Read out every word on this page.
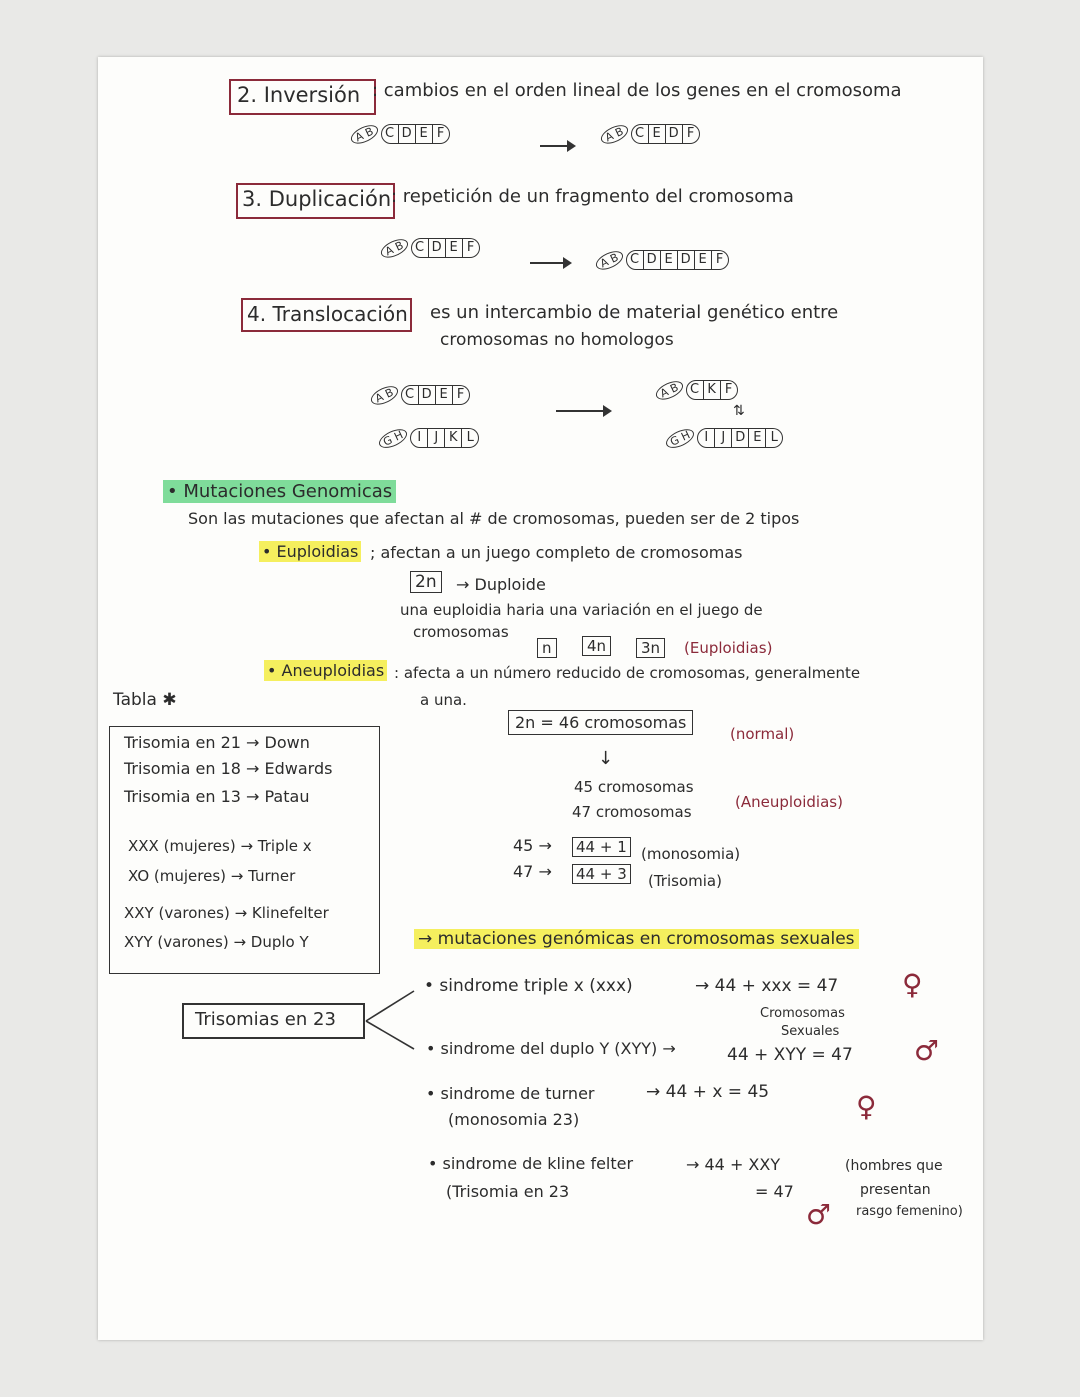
2. Inversión : cambios en el orden lineal de los genes en el cromosoma
A B C D E F	A B C E D F
3. Duplicación : repetición de un fragmento del cromosoma
A B C D E F
A B C D E D E F
4. Translocación es un intercambio de material genético entre
cromosomas no homologos
A B C D E F
G H I	J K L
A B C K F
⇅
G H I	J D E L
• Mutaciones Genomicas
Son las mutaciones que afectan al # de cromosomas, pueden ser de 2 tipos
• Euploidias ; afectan a un juego completo de cromosomas
2n	→ Duploide
una euploidia haria una variación en el juego de
cromosomas
n	4n	3n	(Euploidias)
• Aneuploidias : afecta a un número reducido de cromosomas, generalmente
a una.
2n = 46 cromosomas
(normal)
↓
45 cromosomas
47 cromosomas
(Aneuploidias)
45 → 44 + 1 (monosomia)
47 → 44 + 3 (Trisomia)
Tabla ✱
Trisomia en 21 → Down
Trisomia en 18 → Edwards
Trisomia en 13 → Patau
XXX (mujeres) → Triple x
XO (mujeres) → Turner
XXY (varones) → Klinefelter
XYY (varones) → Duplo Y	→ mutaciones genómicas en cromosomas sexuales
Trisomias en 23
• sindrome triple x (xxx)	→ 44 + xxx = 47 ♀
Cromosomas
Sexuales
• sindrome del duplo Y (XYY) →	44 + XYY = 47 ♂
• sindrome de turner
(monosomia 23)
→ 44 + x = 45	♀
• sindrome de kline felter
(Trisomia en 23
→ 44 + XXY
= 47
(hombres que
presentan
rasgo femenino)
♂
